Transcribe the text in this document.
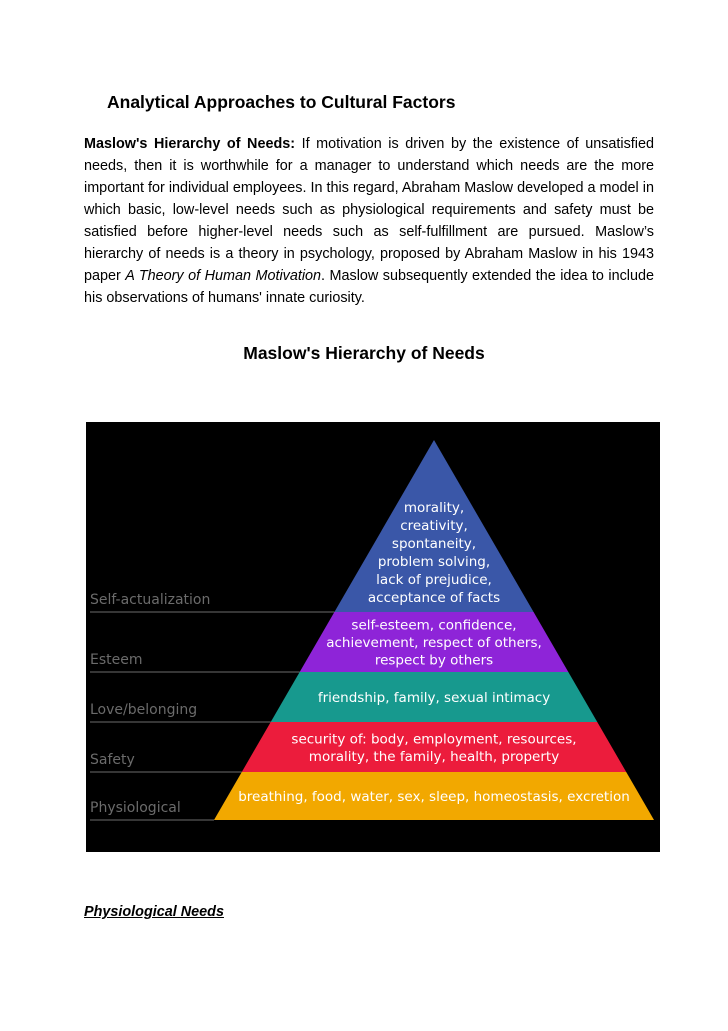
Analytical Approaches to Cultural Factors

Maslow's Hierarchy of Needs: If motivation is driven by the existence of unsatisfied needs, then it is worthwhile for a manager to understand which needs are the more important for individual employees. In this regard, Abraham Maslow developed a model in which basic, low-level needs such as physiological requirements and safety must be satisfied before higher-level needs such as self-fulfillment are pursued. Maslow’s hierarchy of needs is a theory in psychology, proposed by Abraham Maslow in his 1943 paper A Theory of Human Motivation. Maslow subsequently extended the idea to include his observations of humans' innate curiosity.

Maslow's Hierarchy of Needs
morality,
creativity,
spontaneity,
problem solving,
lack of prejudice,
acceptance of facts
Self-actualization
self-esteem, confidence,
achievement, respect of others,
respect by others
Esteem
friendship, family, sexual intimacy
Love/belonging
security of: body, employment, resources,
morality, the family, health, property
Safety
breathing, food, water, sex, sleep, homeostasis, excretion
Physiological

Physiological Needs
